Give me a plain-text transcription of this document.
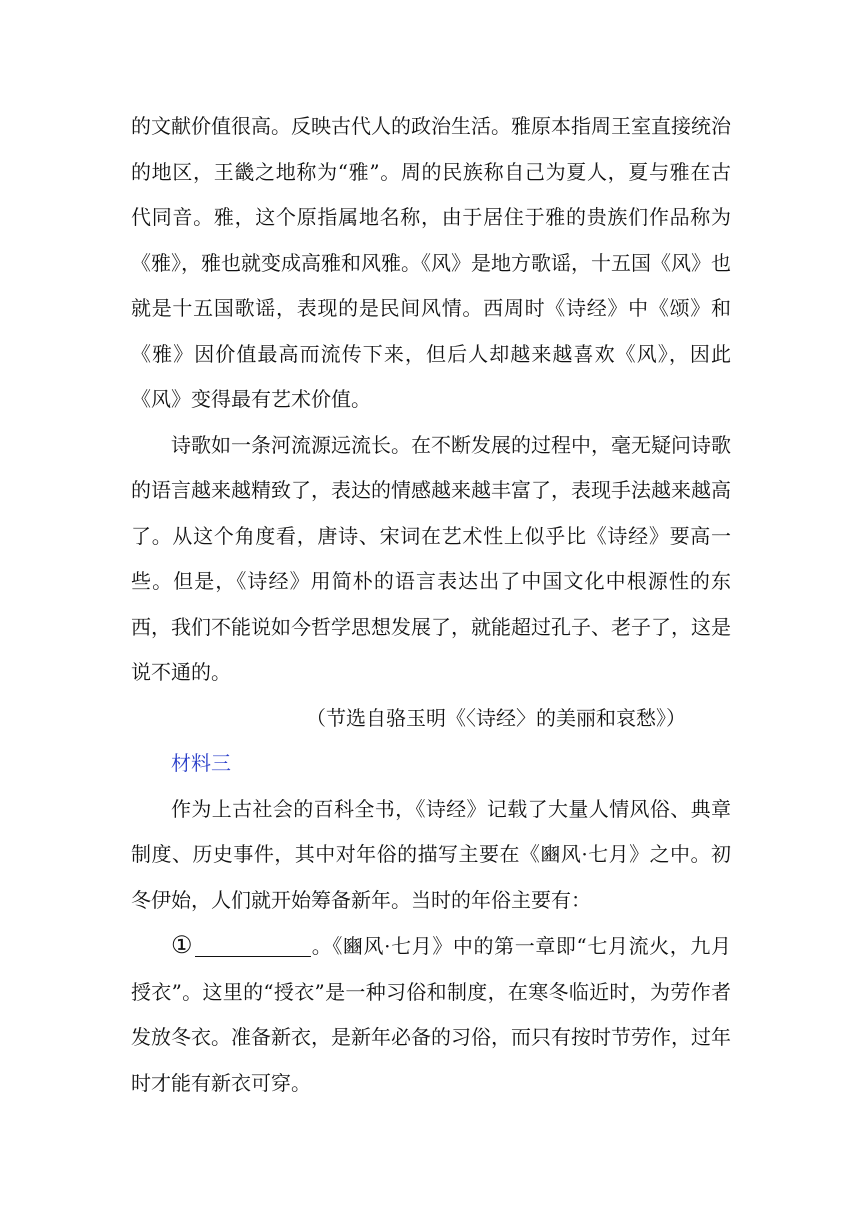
的文献价值很高。反映古代人的政治生活。雅原本指周王室直接统治的地区，王畿之地称为“雅”。周的民族称自己为夏人，夏与雅在古代同音。雅，这个原指属地名称，由于居住于雅的贵族们作品称为《雅》，雅也就变成高雅和风雅。《风》是地方歌谣，十五国《风》也就是十五国歌谣，表现的是民间风情。西周时《诗经》中《颂》和《雅》因价值最高而流传下来，但后人却越来越喜欢《风》，因此《风》变得最有艺术价值。

诗歌如一条河流源远流长。在不断发展的过程中，毫无疑问诗歌的语言越来越精致了，表达的情感越来越丰富了，表现手法越来越高了。从这个角度看，唐诗、宋词在艺术性上似乎比《诗经》要高一些。但是，《诗经》用简朴的语言表达出了中国文化中根源性的东西，我们不能说如今哲学思想发展了，就能超过孔子、老子了，这是说不通的。

（节选自骆玉明《〈诗经〉的美丽和哀愁》）

材料三

作为上古社会的百科全书，《诗经》记载了大量人情风俗、典章制度、历史事件，其中对年俗的描写主要在《豳风·七月》之中。初冬伊始，人们就开始筹备新年。当时的年俗主要有：

①	。《豳风·七月》中的第一章即“七月流火，九月授衣”。这里的“授衣”是一种习俗和制度，在寒冬临近时，为劳作者发放冬衣。准备新衣，是新年必备的习俗，而只有按时节劳作，过年时才能有新衣可穿。
